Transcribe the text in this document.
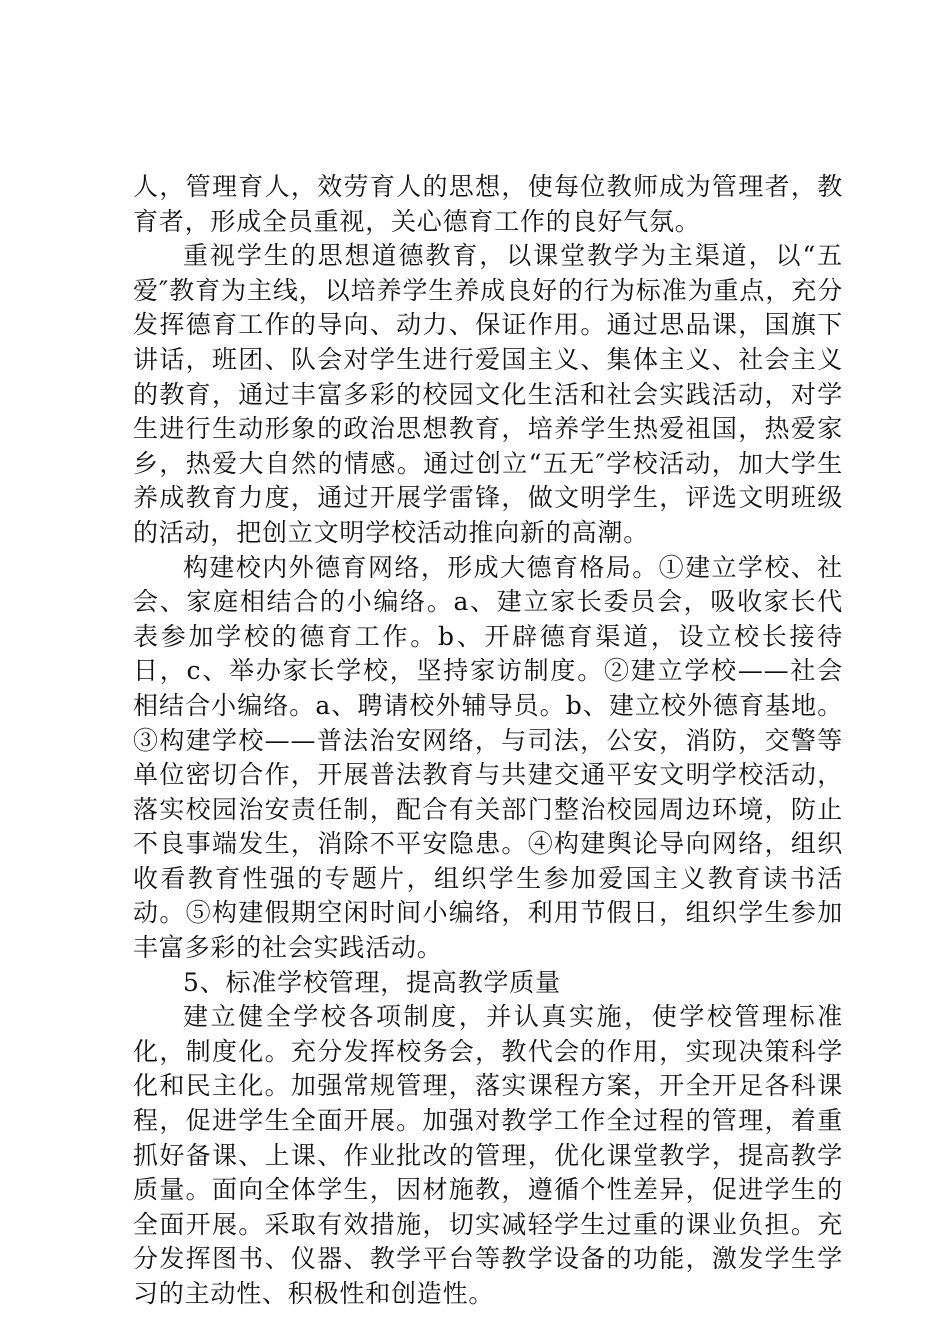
人，管理育人，效劳育人的思想，使每位教师成为管理者，教育者，形成全员重视，关心德育工作的良好气氛。

重视学生的思想道德教育，以课堂教学为主渠道，以“五爱″教育为主线，以培养学生养成良好的行为标准为重点，充分发挥德育工作的导向、动力、保证作用。通过思品课，国旗下讲话，班团、队会对学生进行爱国主义、集体主义、社会主义的教育，通过丰富多彩的校园文化生活和社会实践活动，对学生进行生动形象的政治思想教育，培养学生热爱祖国，热爱家乡，热爱大自然的情感。通过创立“五无″学校活动，加大学生养成教育力度，通过开展学雷锋，做文明学生，评选文明班级的活动，把创立文明学校活动推向新的高潮。

构建校内外德育网络，形成大德育格局。①建立学校、社会、家庭相结合的小编络。a、建立家长委员会，吸收家长代表参加学校的德育工作。b、开辟德育渠道，设立校长接待日，c、举办家长学校，坚持家访制度。②建立学校——社会相结合小编络。a、聘请校外辅导员。b、建立校外德育基地。③构建学校——普法治安网络，与司法，公安，消防，交警等单位密切合作，开展普法教育与共建交通平安文明学校活动，落实校园治安责任制，配合有关部门整治校园周边环境，防止不良事端发生，消除不平安隐患。④构建舆论导向网络，组织收看教育性强的专题片，组织学生参加爱国主义教育读书活动。⑤构建假期空闲时间小编络，利用节假日，组织学生参加丰富多彩的社会实践活动。

5、标准学校管理，提高教学质量

建立健全学校各项制度，并认真实施，使学校管理标准化，制度化。充分发挥校务会，教代会的作用，实现决策科学化和民主化。加强常规管理，落实课程方案，开全开足各科课程，促进学生全面开展。加强对教学工作全过程的管理，着重抓好备课、上课、作业批改的管理，优化课堂教学，提高教学质量。面向全体学生，因材施教，遵循个性差异，促进学生的全面开展。采取有效措施，切实减轻学生过重的课业负担。充分发挥图书、仪器、教学平台等教学设备的功能，激发学生学习的主动性、积极性和创造性。
